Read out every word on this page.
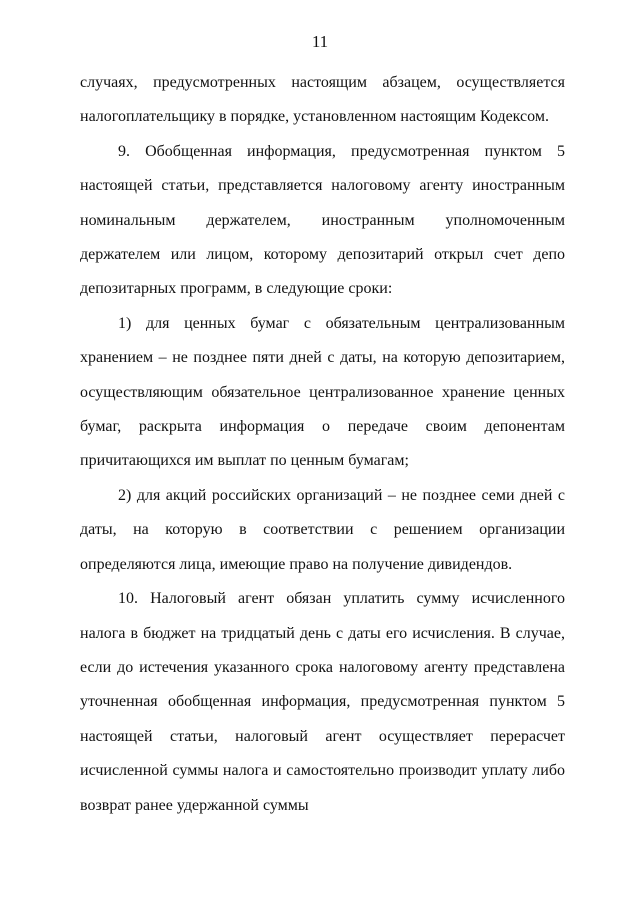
11

случаях, предусмотренных настоящим абзацем, осуществляется налогоплательщику в порядке, установленном настоящим Кодексом.

9. Обобщенная информация, предусмотренная пунктом 5 настоящей статьи, представляется налоговому агенту иностранным номинальным держателем, иностранным уполномоченным держателем или лицом, которому депозитарий открыл счет депо депозитарных программ, в следующие сроки:

1) для ценных бумаг с обязательным централизованным хранением – не позднее пяти дней с даты, на которую депозитарием, осуществляющим обязательное централизованное хранение ценных бумаг, раскрыта информация о передаче своим депонентам причитающихся им выплат по ценным бумагам;

2) для акций российских организаций – не позднее семи дней с даты, на которую в соответствии с решением организации определяются лица, имеющие право на получение дивидендов.

10. Налоговый агент обязан уплатить сумму исчисленного налога в бюджет на тридцатый день с даты его исчисления. В случае, если до истечения указанного срока налоговому агенту представлена уточненная обобщенная информация, предусмотренная пунктом 5 настоящей статьи, налоговый агент осуществляет перерасчет исчисленной суммы налога и самостоятельно производит уплату либо возврат ранее удержанной суммы
